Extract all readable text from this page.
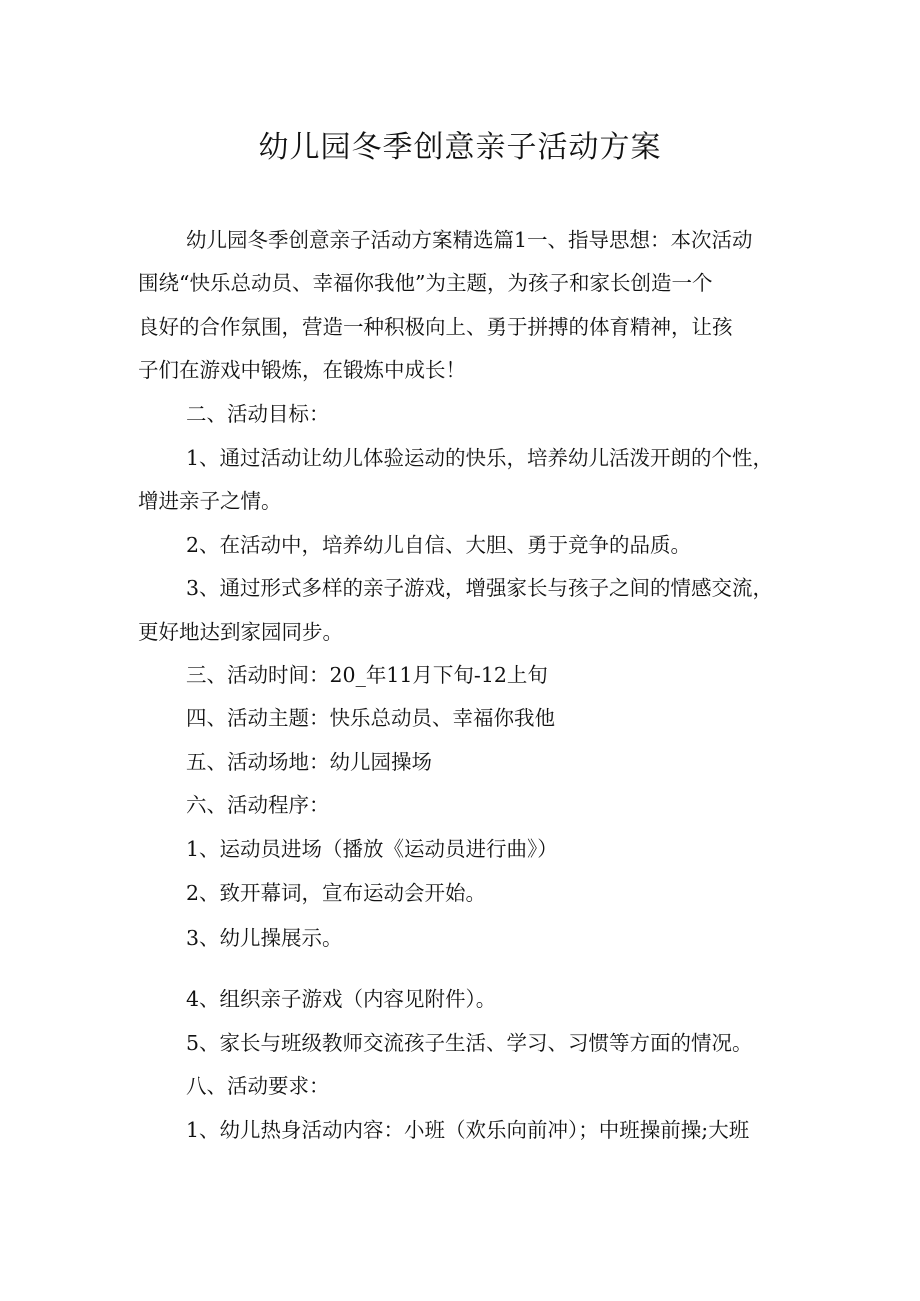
幼儿园冬季创意亲子活动方案

幼儿园冬季创意亲子活动方案精选篇1一、指导思想：本次活动

围绕“快乐总动员、幸福你我他”为主题，为孩子和家长创造一个

良好的合作氛围，营造一种积极向上、勇于拼搏的体育精神，让孩

子们在游戏中锻炼，在锻炼中成长！

二、活动目标：

1、通过活动让幼儿体验运动的快乐，培养幼儿活泼开朗的个性，

增进亲子之情。

2、在活动中，培养幼儿自信、大胆、勇于竞争的品质。

3、通过形式多样的亲子游戏，增强家长与孩子之间的情感交流，

更好地达到家园同步。

三、活动时间：20_年11月下旬-12上旬

四、活动主题：快乐总动员、幸福你我他

五、活动场地：幼儿园操场

六、活动程序：

1、运动员进场（播放《运动员进行曲》）

2、致开幕词，宣布运动会开始。

3、幼儿操展示。

4、组织亲子游戏（内容见附件）。

5、家长与班级教师交流孩子生活、学习、习惯等方面的情况。

八、活动要求：

1、幼儿热身活动内容：小班（欢乐向前冲）；中班操前操;大班
